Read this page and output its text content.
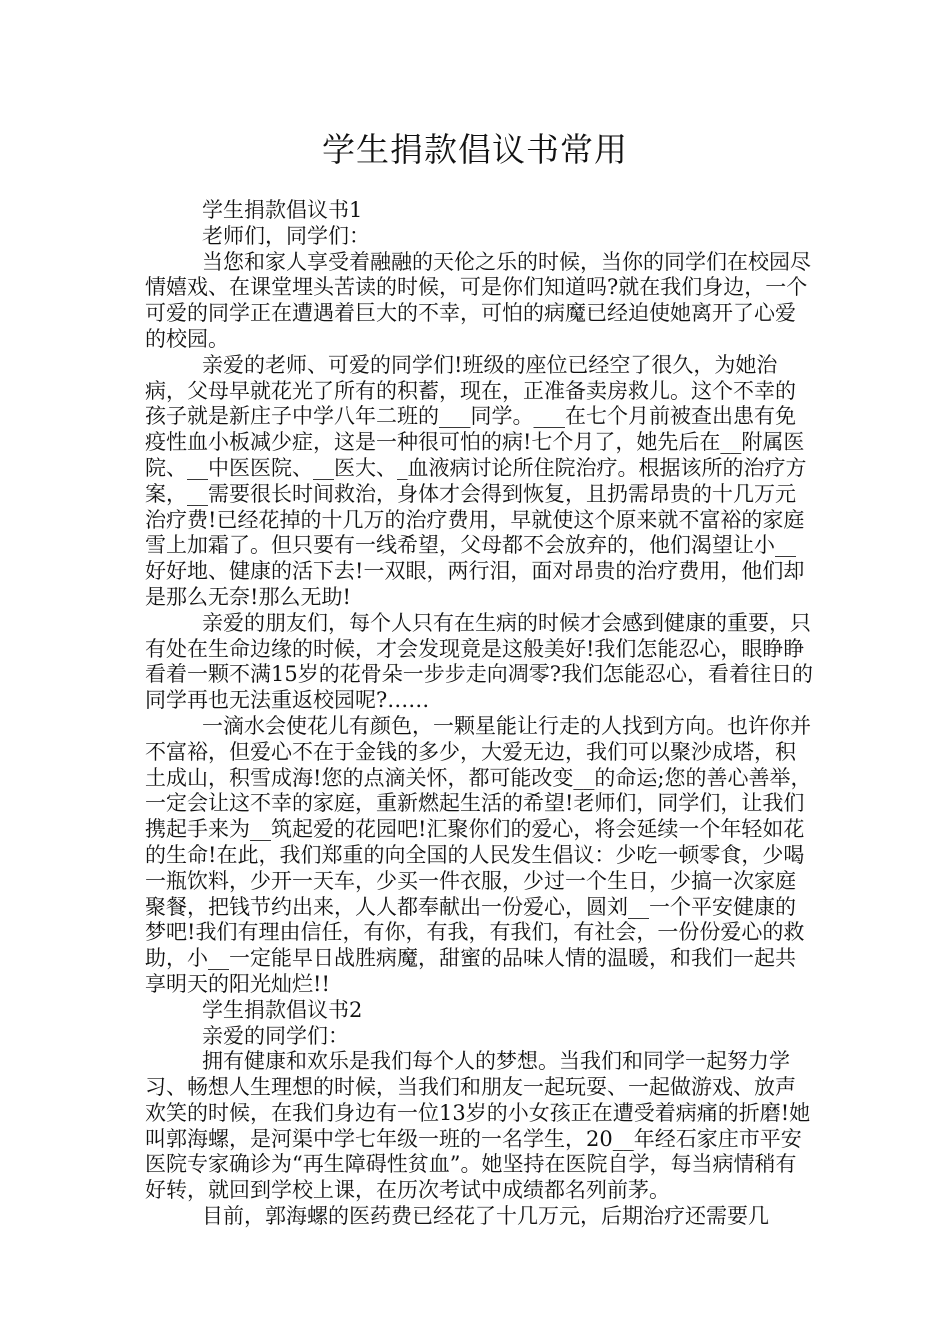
学生捐款倡议书常用

学生捐款倡议书1

老师们，同学们：

当您和家人享受着融融的天伦之乐的时候，当你的同学们在校园尽情嬉戏、在课堂埋头苦读的时候，可是你们知道吗?就在我们身边，一个可爱的同学正在遭遇着巨大的不幸，可怕的病魔已经迫使她离开了心爱的校园。

亲爱的老师、可爱的同学们!班级的座位已经空了很久，为她治病，父母早就花光了所有的积蓄，现在，正准备卖房救儿。这个不幸的孩子就是新庄子中学八年二班的___同学。___在七个月前被查出患有免疫性血小板减少症，这是一种很可怕的病!七个月了，她先后在__附属医院、__中医医院、__医大、_血液病讨论所住院治疗。根据该所的治疗方案，__需要很长时间救治，身体才会得到恢复，且扔需昂贵的十几万元治疗费!已经花掉的十几万的治疗费用，早就使这个原来就不富裕的家庭雪上加霜了。但只要有一线希望，父母都不会放弃的，他们渴望让小__好好地、健康的活下去!一双眼，两行泪，面对昂贵的治疗费用，他们却是那么无奈!那么无助!

亲爱的朋友们，每个人只有在生病的时候才会感到健康的重要，只有处在生命边缘的时候，才会发现竟是这般美好!我们怎能忍心，眼睁睁看着一颗不满15岁的花骨朵一步步走向凋零?我们怎能忍心，看着往日的同学再也无法重返校园呢?……

一滴水会使花儿有颜色，一颗星能让行走的人找到方向。也许你并不富裕，但爱心不在于金钱的多少，大爱无边，我们可以聚沙成塔，积土成山，积雪成海!您的点滴关怀，都可能改变__的命运;您的善心善举，一定会让这不幸的家庭，重新燃起生活的希望!老师们，同学们，让我们携起手来为__筑起爱的花园吧!汇聚你们的爱心，将会延续一个年轻如花的生命!在此，我们郑重的向全国的人民发生倡议：少吃一顿零食，少喝一瓶饮料，少开一天车，少买一件衣服，少过一个生日，少搞一次家庭聚餐，把钱节约出来，人人都奉献出一份爱心，圆刘__一个平安健康的梦吧!我们有理由信任，有你，有我，有我们，有社会，一份份爱心的救助，小__一定能早日战胜病魔，甜蜜的品味人情的温暖，和我们一起共享明天的阳光灿烂!!

学生捐款倡议书2

亲爱的同学们：

拥有健康和欢乐是我们每个人的梦想。当我们和同学一起努力学习、畅想人生理想的时候，当我们和朋友一起玩耍、一起做游戏、放声欢笑的时候，在我们身边有一位13岁的小女孩正在遭受着病痛的折磨!她叫郭海螺，是河渠中学七年级一班的一名学生，20__年经石家庄市平安医院专家确诊为“再生障碍性贫血”。她坚持在医院自学，每当病情稍有好转，就回到学校上课，在历次考试中成绩都名列前茅。

目前，郭海螺的医药费已经花了十几万元，后期治疗还需要几
